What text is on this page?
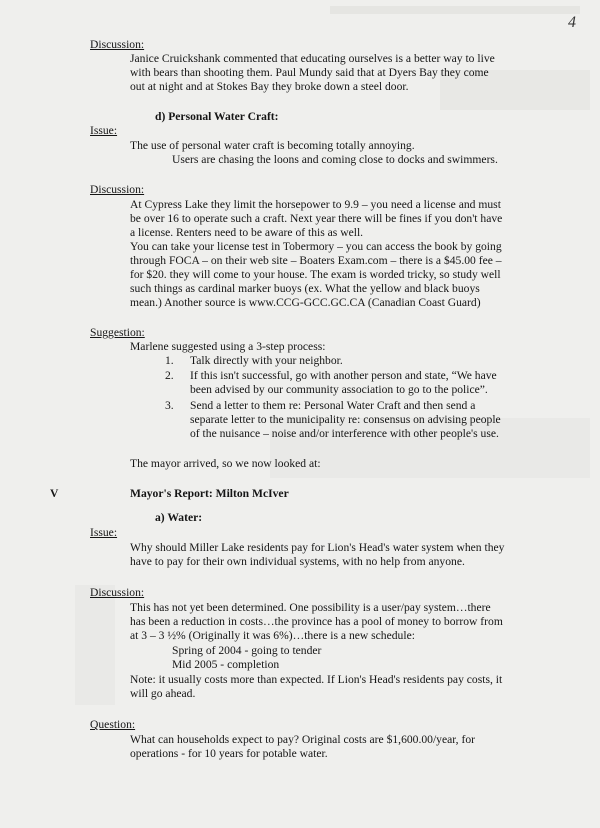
4
Discussion:
Janice Cruickshank commented that educating ourselves is a better way to live
with bears than shooting them. Paul Mundy said that at Dyers Bay they come
out at night and at Stokes Bay they broke down a steel door.
d) Personal Water Craft:
Issue:
The use of personal water craft is becoming totally annoying.
Users are chasing the loons and coming close to docks and swimmers.
Discussion:
At Cypress Lake they limit the horsepower to 9.9 – you need a license and must
be over 16 to operate such a craft. Next year there will be fines if you don't have
a license. Renters need to be aware of this as well.
You can take your license test in Tobermory – you can access the book by going
through FOCA – on their web site – Boaters Exam.com – there is a $45.00 fee –
for $20. they will come to your house. The exam is worded tricky, so study well
such things as cardinal marker buoys (ex. What the yellow and black buoys
mean.) Another source is www.CCG-GCC.GC.CA (Canadian Coast Guard)
Suggestion:
Marlene suggested using a 3-step process:
1. Talk directly with your neighbor.
2. If this isn't successful, go with another person and state, “We have
been advised by our community association to go to the police”.
3. Send a letter to them re: Personal Water Craft and then send a
separate letter to the municipality re: consensus on advising people
of the nuisance – noise and/or interference with other people's use.
The mayor arrived, so we now looked at:
V	Mayor's Report: Milton McIver
a) Water:
Issue:
Why should Miller Lake residents pay for Lion's Head's water system when they
have to pay for their own individual systems, with no help from anyone.
Discussion:
This has not yet been determined. One possibility is a user/pay system…there
has been a reduction in costs…the province has a pool of money to borrow from
at 3 – 3 ½% (Originally it was 6%)…there is a new schedule:
Spring of 2004 - going to tender
Mid 2005 - completion
Note: it usually costs more than expected. If Lion's Head's residents pay costs, it
will go ahead.
Question:
What can households expect to pay? Original costs are $1,600.00/year, for
operations - for 10 years for potable water.
